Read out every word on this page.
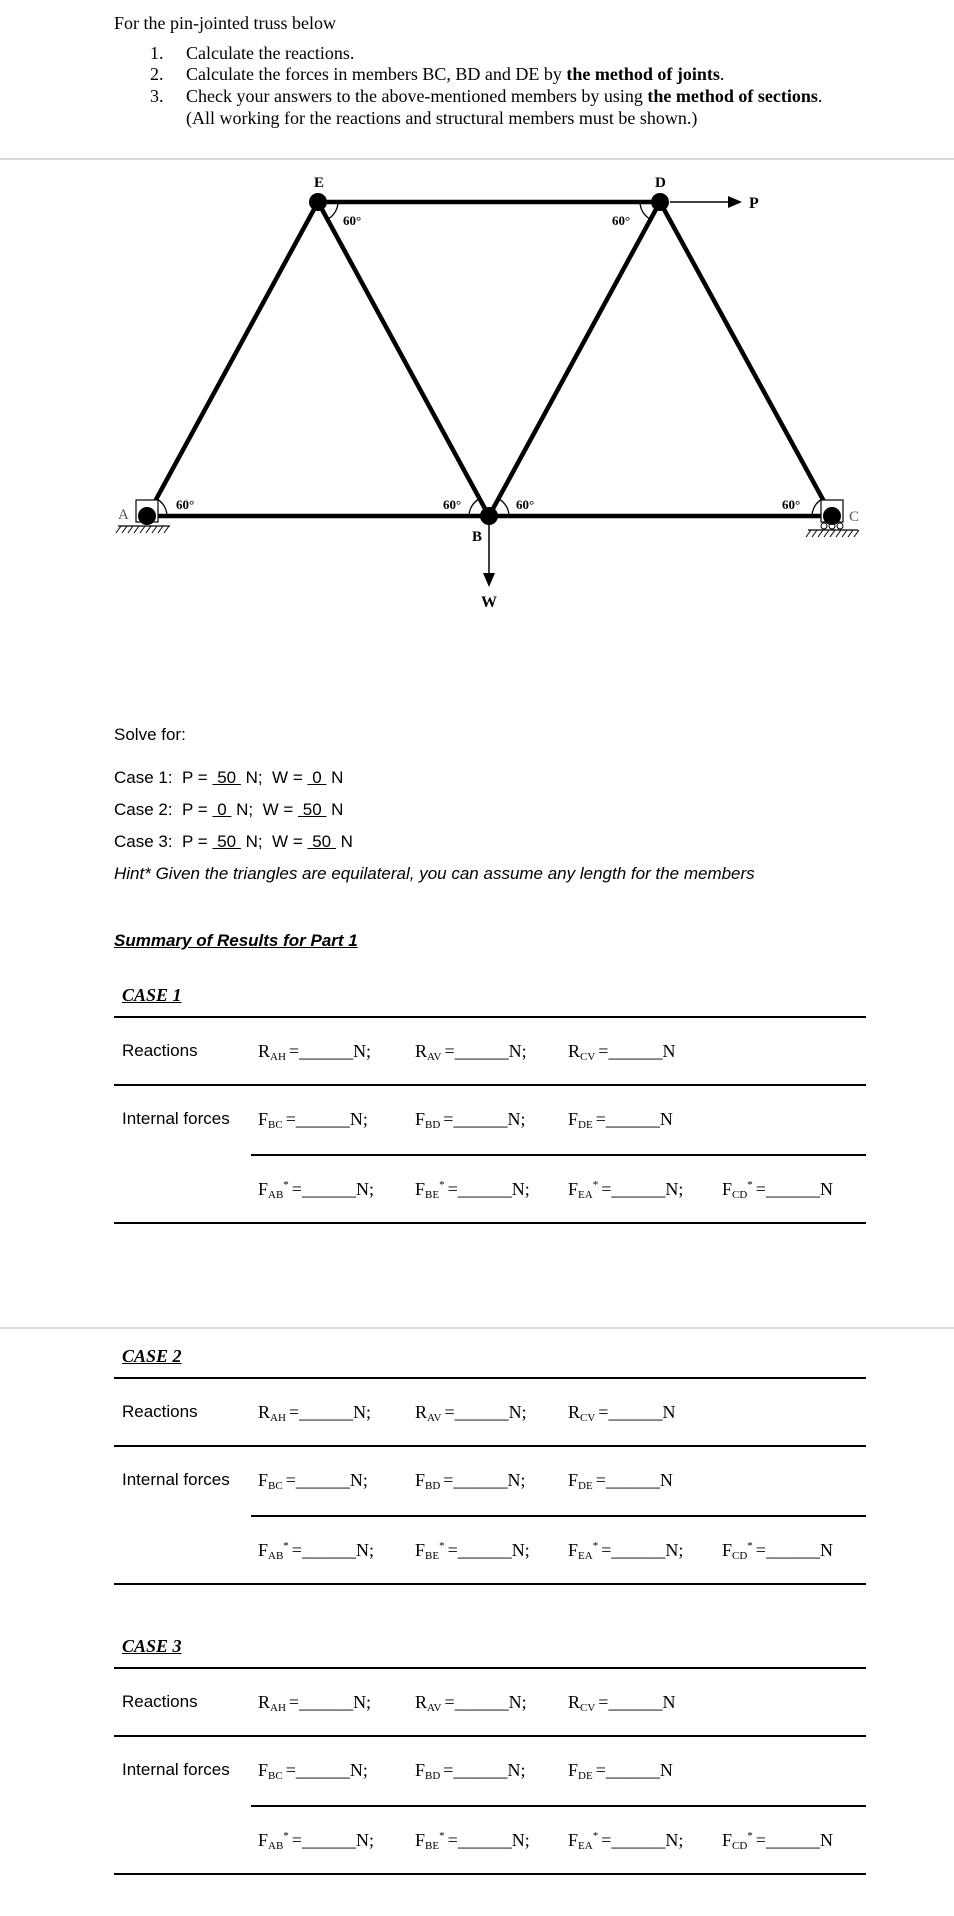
For the pin-jointed truss below
1. Calculate the reactions.
2. Calculate the forces in members BC, BD and DE by the method of joints.
3. Check your answers to the above-mentioned members by using the method of sections.
(All working for the reactions and structural members must be shown.)
60°	60°
60°	60°	60°	60°
E	D
A
B
C
P
W
Solve for:
Case 1: P = 50 N; W = 0 N
Case 2: P = 0 N; W = 50 N
Case 3: P = 50 N; W = 50 N
Hint* Given the triangles are equilateral, you can assume any length for the members
Summary of Results for Part 1
CASE 1
Reactions	$R_{AH}$ =______N; $R_{AV}$ =______N; $R_{CV}$ =______N
Internal forces $F_{BC}$ =______N;	$F_{BD}$ =______N; $F_{DE}$ =______N
$F_{AB}^*$ =______N; $F_{BE}^*$ =______N; $F_{EA}^*$ =______N; $F_{CD}^*$ =______N
CASE 2
Reactions	$R_{AH}$ =______N; $R_{AV}$ =______N; $R_{CV}$ =______N
Internal forces $F_{BC}$ =______N;	$F_{BD}$ =______N; $F_{DE}$ =______N
$F_{AB}^*$ =______N; $F_{BE}^*$ =______N; $F_{EA}^*$ =______N; $F_{CD}^*$ =______N
CASE 3
Reactions	$R_{AH}$ =______N; $R_{AV}$ =______N; $R_{CV}$ =______N
Internal forces $F_{BC}$ =______N;	$F_{BD}$ =______N; $F_{DE}$ =______N
$F_{AB}^*$ =______N; $F_{BE}^*$ =______N; $F_{EA}^*$ =______N; $F_{CD}^*$ =______N
